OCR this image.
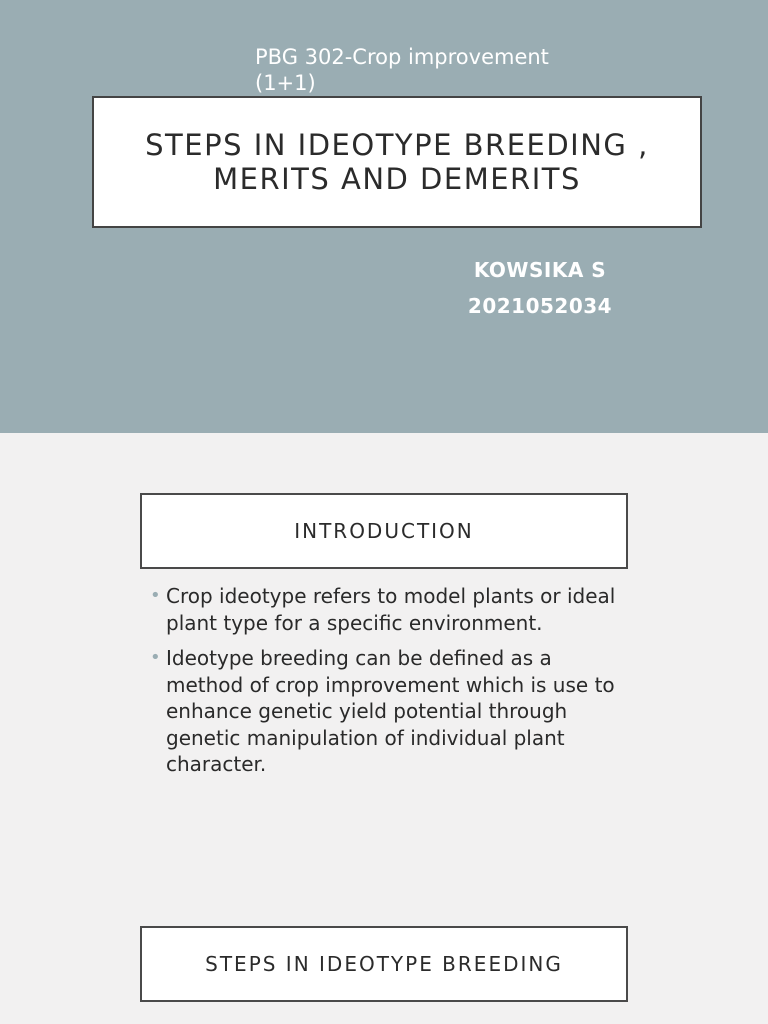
PBG 302-Crop improvement (1+1)
STEPS IN IDEOTYPE BREEDING ,
MERITS AND DEMERITS
KOWSIKA S
2021052034
INTRODUCTION
• Crop ideotype refers to model plants or ideal plant type for a specific environment.
• Ideotype breeding can be defined as a method of crop improvement which is use to enhance genetic yield potential through genetic manipulation of individual plant character.
STEPS IN IDEOTYPE BREEDING
